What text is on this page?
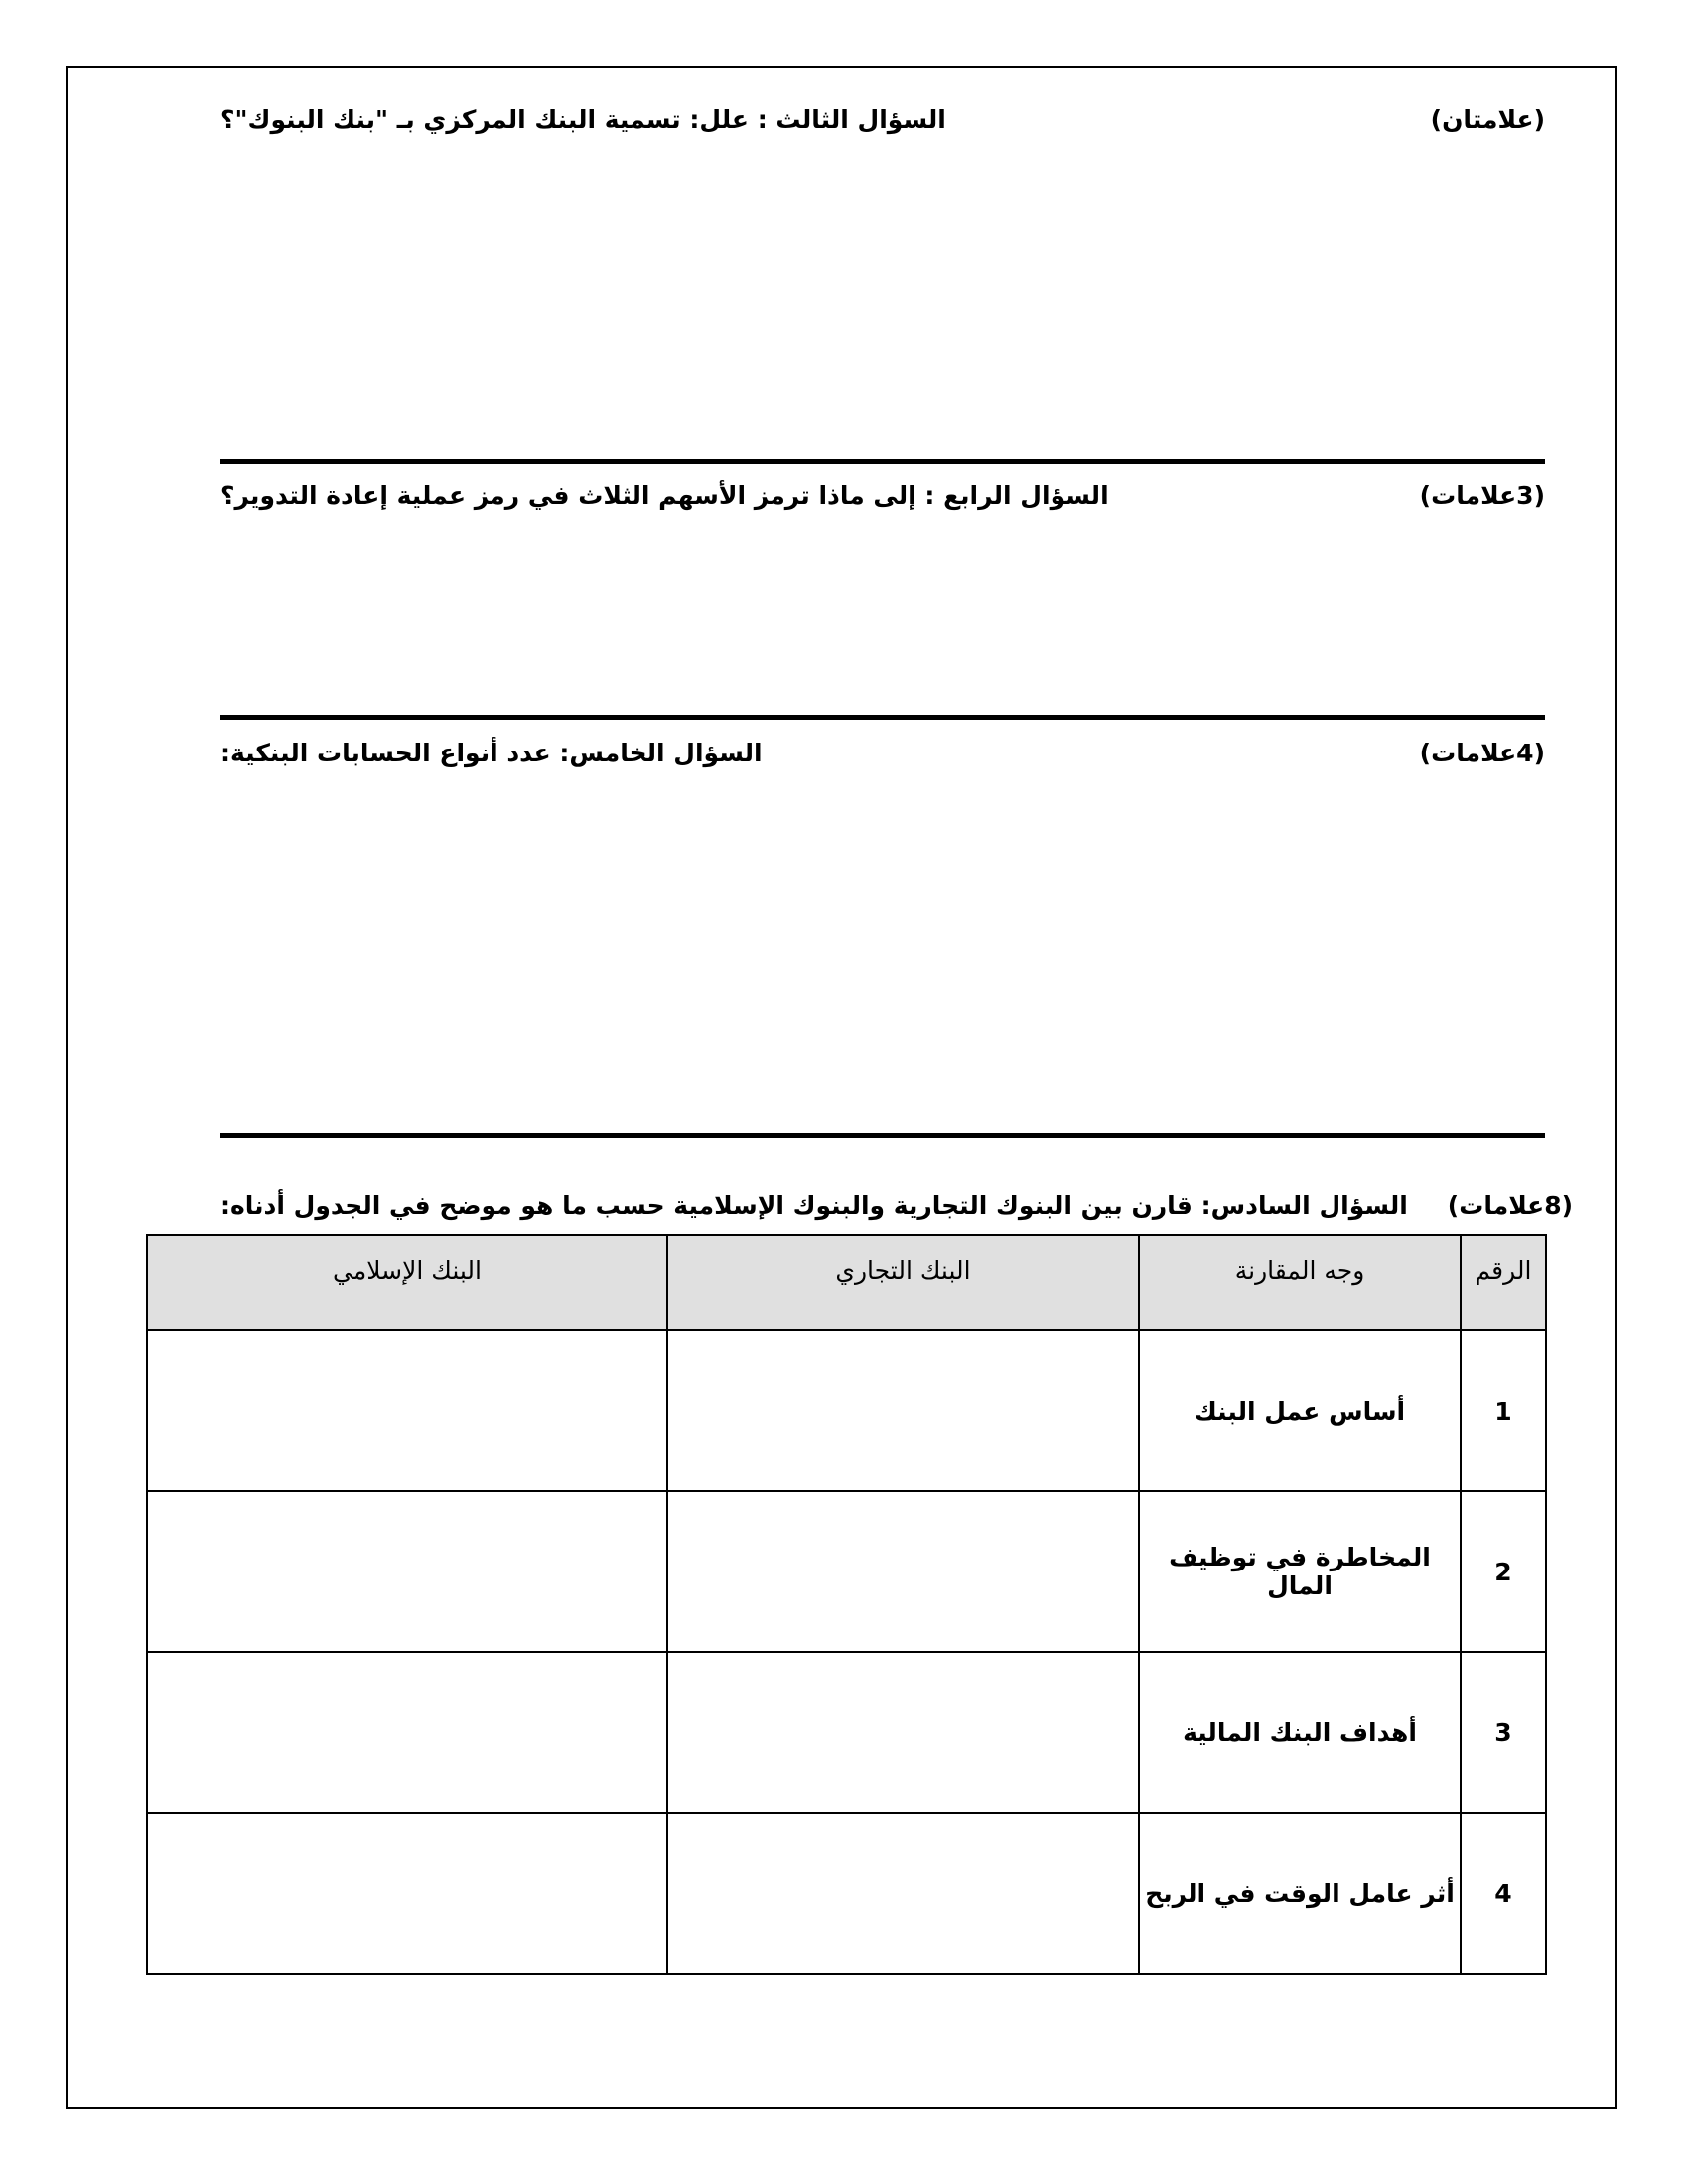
السؤال الثالث : علل: تسمية البنك المركزي بـ "بنك البنوك"؟	(علامتان)
السؤال الرابع : إلى ماذا ترمز الأسهم الثلاث في رمز عملية إعادة التدوير؟	(3علامات)
السؤال الخامس: عدد أنواع الحسابات البنكية:	(4علامات)
السؤال السادس: قارن بين البنوك التجارية والبنوك الإسلامية حسب ما هو موضح في الجدول أدناه: (8علامات)
الرقم	وجه المقارنة	البنك التجاري	البنك الإسلامي
1	أساس عمل البنك		
2	المخاطرة في توظيف المال		
3	أهداف البنك المالية		
4	أثر عامل الوقت في الربح		
